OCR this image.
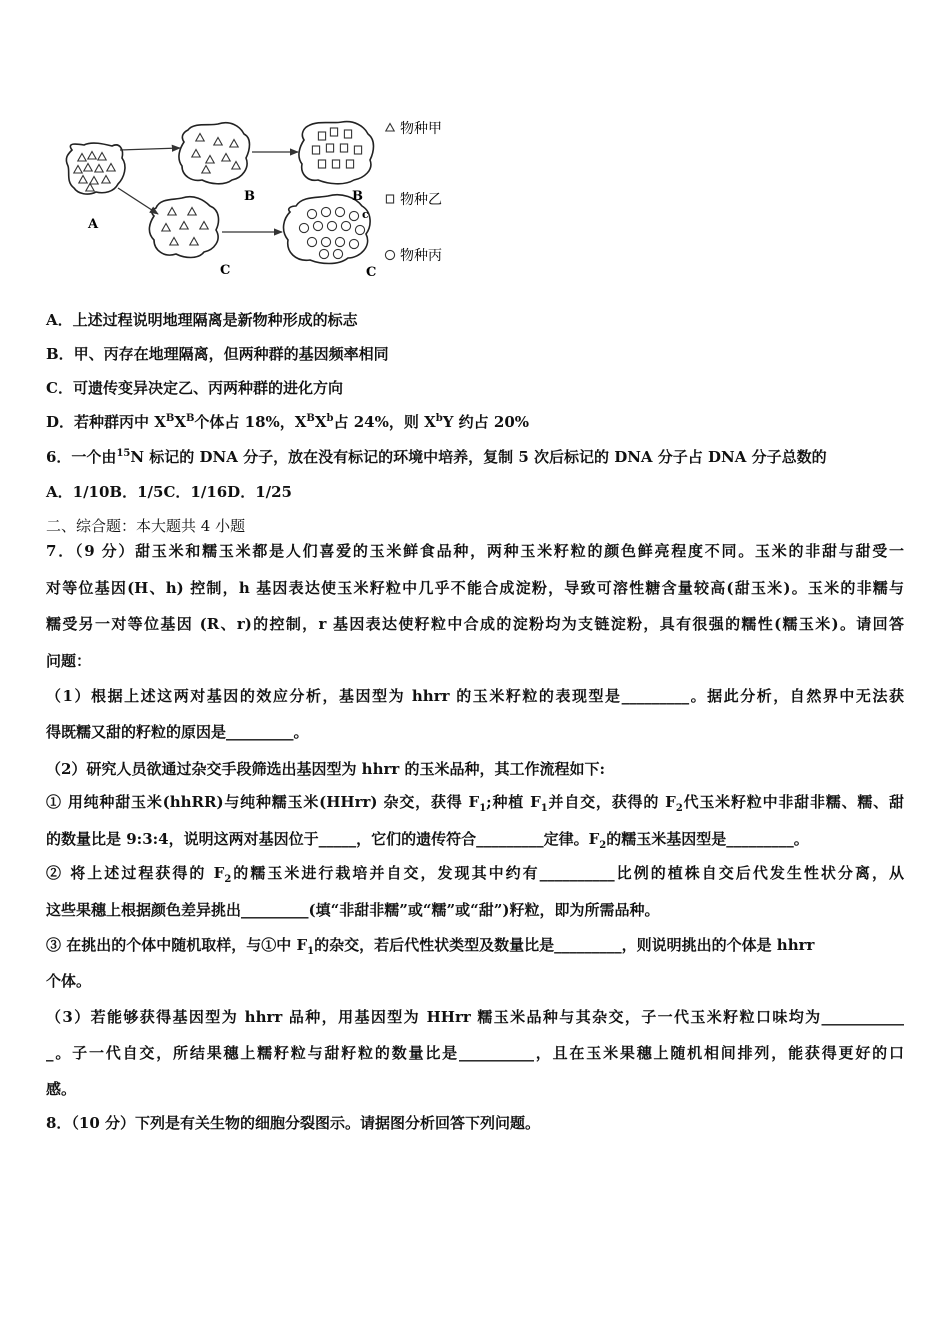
A
B	B
C	C
c
物种甲
物种乙
物种丙
A．上述过程说明地理隔离是新物种形成的标志
B．甲、丙存在地理隔离，但两种群的基因频率相同
C．可遗传变异决定乙、丙两种群的进化方向
D．若种群丙中 $X^BX^B$个体占 18%，$X^BX^b$占 24%，则 $X^bY$ 约占 20%
6．一个由$^{15}$N 标记的 DNA 分子，放在没有标记的环境中培养，复制 5 次后标记的 DNA 分子占 DNA 分子总数的
A．1/10B．1/5C．1/16D．1/25
二、综合题：本大题共 4 小题
7．（9 分）甜玉米和糯玉米都是人们喜爱的玉米鲜食品种，两种玉米籽粒的颜色鲜亮程度不同。玉米的非甜与甜受一
对等位基因(H、h) 控制，h 基因表达使玉米籽粒中几乎不能合成淀粉，导致可溶性糖含量较高(甜玉米)。玉米的非糯与
糯受另一对等位基因 (R、r)的控制，r 基因表达使籽粒中合成的淀粉均为支链淀粉，具有很强的糯性(糯玉米)。请回答
问题：
（1）根据上述这两对基因的效应分析，基因型为 hhrr 的玉米籽粒的表现型是_________。据此分析，自然界中无法获
得既糯又甜的籽粒的原因是_________。
（2）研究人员欲通过杂交手段筛选出基因型为 hhrr 的玉米品种，其工作流程如下:
① 用纯种甜玉米(hhRR)与纯种糯玉米(HHrr) 杂交，获得 $F_1$;种植 $F_1$并自交，获得的 $F_2$代玉米籽粒中非甜非糯、糯、甜
的数量比是 9:3:4，说明这两对基因位于_____，它们的遗传符合_________定律。$F_2$的糯玉米基因型是_________。
② 将上述过程获得的 $F_2$的糯玉米进行栽培并自交，发现其中约有__________比例的植株自交后代发生性状分离，从
这些果穗上根据颜色差异挑出_________(填“非甜非糯”或“糯”或“甜”)籽粒，即为所需品种。
③ 在挑出的个体中随机取样，与①中 $F_1$的杂交，若后代性状类型及数量比是_________，则说明挑出的个体是 hhrr
个体。
（3）若能够获得基因型为 hhrr 品种，用基因型为 HHrr 糯玉米品种与其杂交，子一代玉米籽粒口味均为___________
_。子一代自交，所结果穗上糯籽粒与甜籽粒的数量比是__________，且在玉米果穗上随机相间排列，能获得更好的口
感。
8．（10 分）下列是有关生物的细胞分裂图示。请据图分析回答下列问题。
